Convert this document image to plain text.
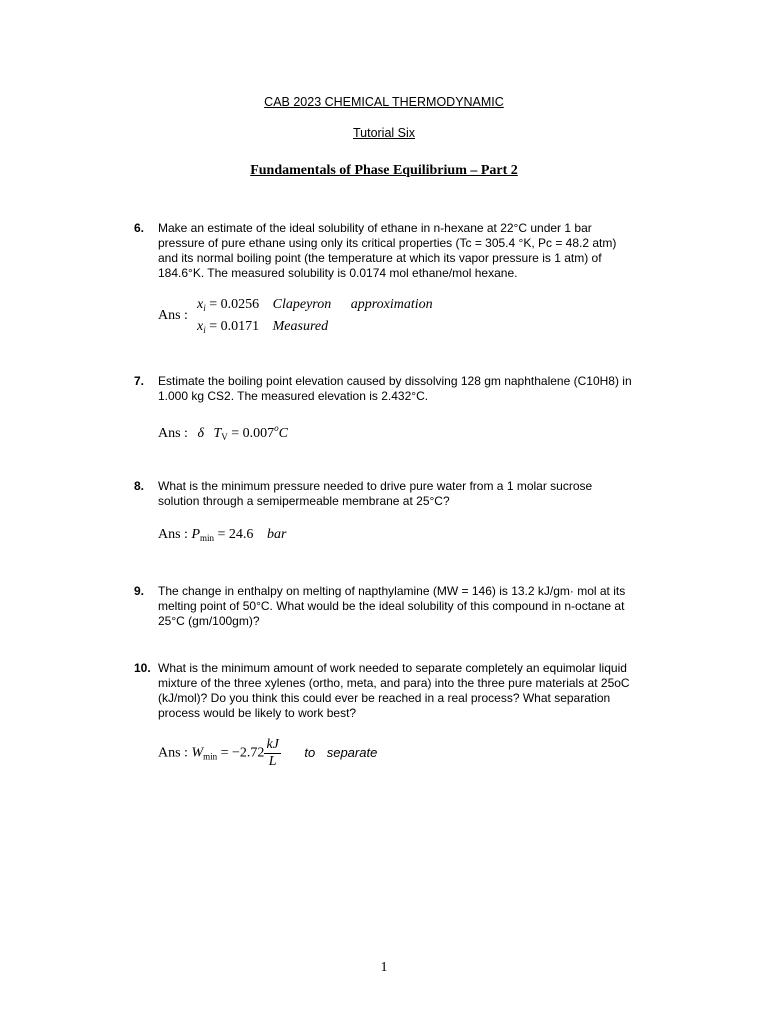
CAB 2023 CHEMICAL THERMODYNAMIC
Tutorial Six
Fundamentals of Phase Equilibrium – Part 2
6. Make an estimate of the ideal solubility of ethane in n-hexane at 22°C under 1 bar
pressure of pure ethane using only its critical properties (Tc = 305.4 °K, Pc = 48.2 atm)
and its normal boiling point (the temperature at which its vapor pressure is 1 atm) of
184.6°K. The measured solubility is 0.0174 mol ethane/mol hexane.
Ans :
$x_i = 0.0256$ Clapeyron approximation
$x_i = 0.0171$ Measured
7. Estimate the boiling point elevation caused by dissolving 128 gm naphthalene (C10H8) in
1.000 kg CS2. The measured elevation is 2.432°C.
Ans : δ $T_V = 0.007^oC$
8. What is the minimum pressure needed to drive pure water from a 1 molar sucrose
solution through a semipermeable membrane at 25°C?
Ans : $P_{min} = 24.6$ bar
9. The change in enthalpy on melting of napthylamine (MW = 146) is 13.2 kJ/gm· mol at its
melting point of 50°C. What would be the ideal solubility of this compound in n-octane at
25°C (gm/100gm)?
10. What is the minimum amount of work needed to separate completely an equimolar liquid
mixture of the three xylenes (ortho, meta, and para) into the three pure materials at 25oC
(kJ/mol)? Do you think this could ever be reached in a real process? What separation
process would be likely to work best?
Ans : $W_{min} = -2.72 \frac{kJ}{L}$ to separate
1
